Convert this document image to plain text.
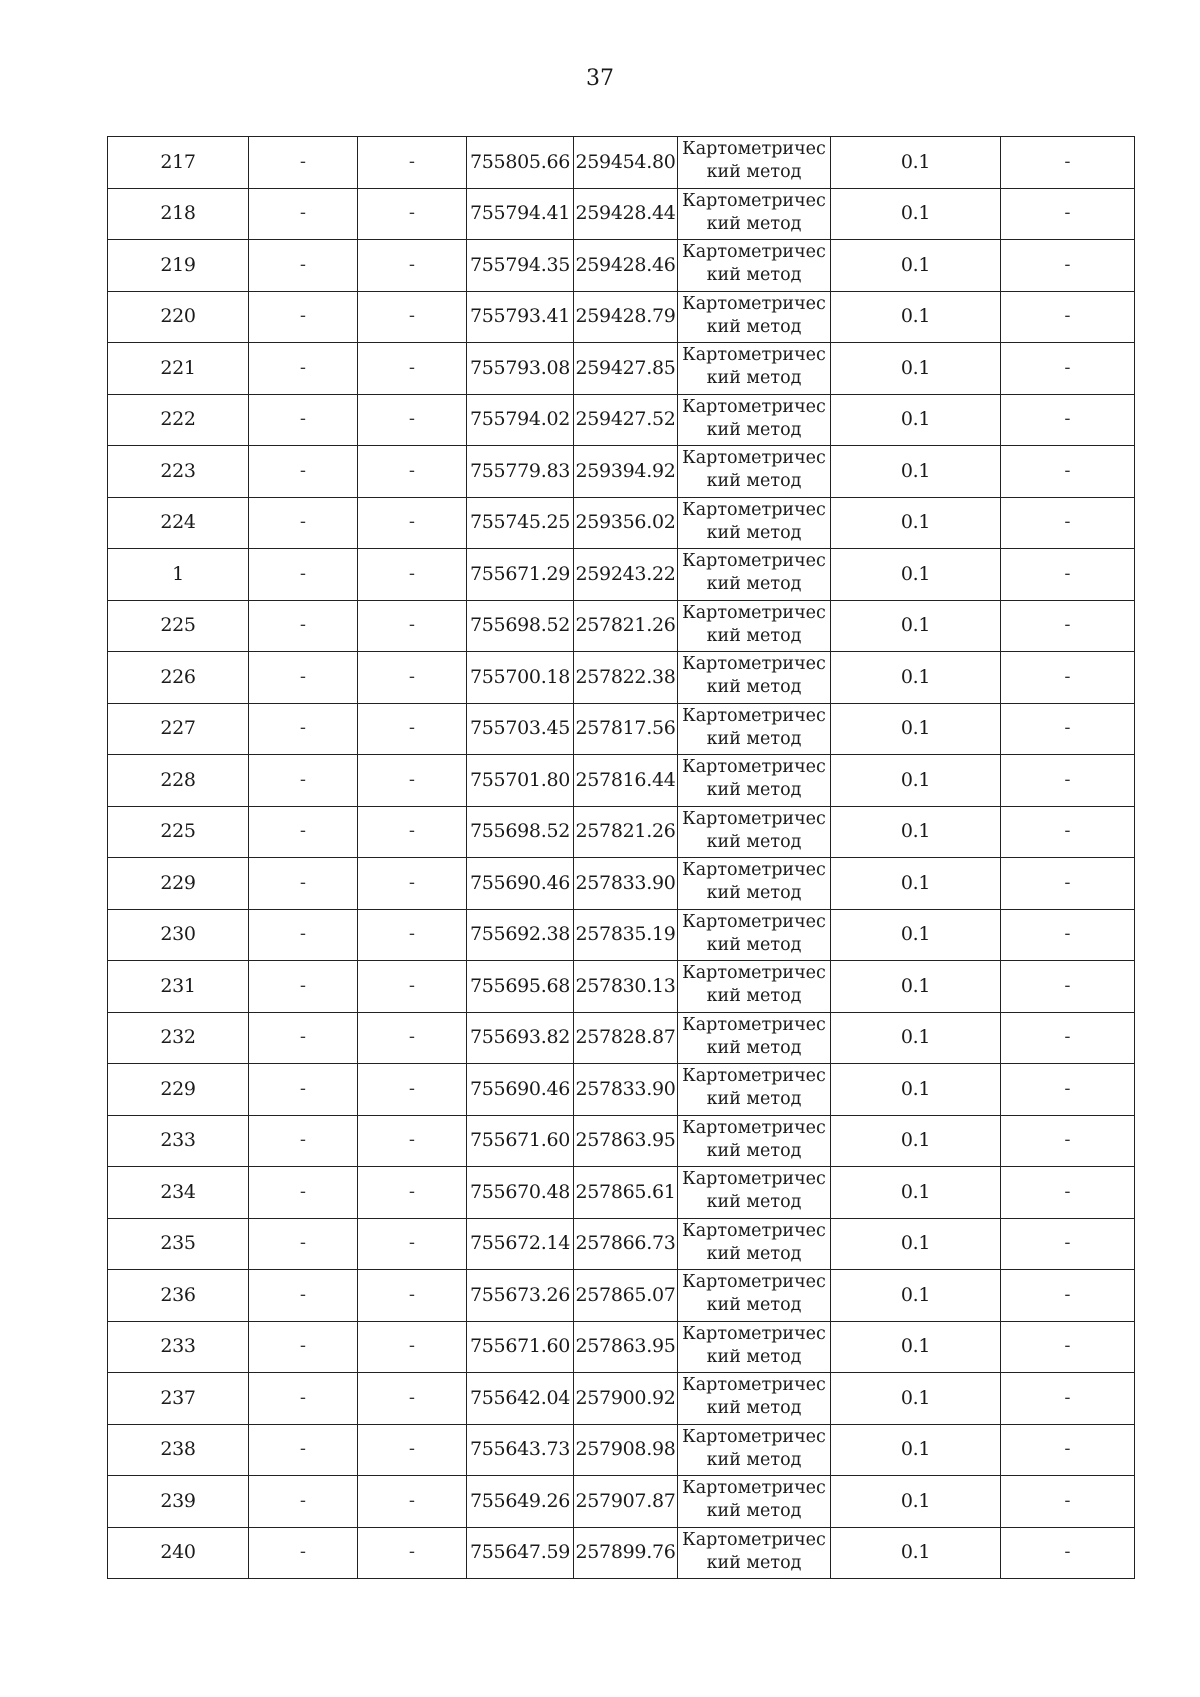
37
217	-	-	755805.66	259454.80	Картометричес
кий метод	0.1	-
218	-	-	755794.41	259428.44	Картометричес
кий метод	0.1	-
219	-	-	755794.35	259428.46	Картометричес
кий метод	0.1	-
220	-	-	755793.41	259428.79	Картометричес
кий метод	0.1	-
221	-	-	755793.08	259427.85	Картометричес
кий метод	0.1	-
222	-	-	755794.02	259427.52	Картометричес
кий метод	0.1	-
223	-	-	755779.83	259394.92	Картометричес
кий метод	0.1	-
224	-	-	755745.25	259356.02	Картометричес
кий метод	0.1	-
1	-	-	755671.29	259243.22	Картометричес
кий метод	0.1	-
225	-	-	755698.52	257821.26	Картометричес
кий метод	0.1	-
226	-	-	755700.18	257822.38	Картометричес
кий метод	0.1	-
227	-	-	755703.45	257817.56	Картометричес
кий метод	0.1	-
228	-	-	755701.80	257816.44	Картометричес
кий метод	0.1	-
225	-	-	755698.52	257821.26	Картометричес
кий метод	0.1	-
229	-	-	755690.46	257833.90	Картометричес
кий метод	0.1	-
230	-	-	755692.38	257835.19	Картометричес
кий метод	0.1	-
231	-	-	755695.68	257830.13	Картометричес
кий метод	0.1	-
232	-	-	755693.82	257828.87	Картометричес
кий метод	0.1	-
229	-	-	755690.46	257833.90	Картометричес
кий метод	0.1	-
233	-	-	755671.60	257863.95	Картометричес
кий метод	0.1	-
234	-	-	755670.48	257865.61	Картометричес
кий метод	0.1	-
235	-	-	755672.14	257866.73	Картометричес
кий метод	0.1	-
236	-	-	755673.26	257865.07	Картометричес
кий метод	0.1	-
233	-	-	755671.60	257863.95	Картометричес
кий метод	0.1	-
237	-	-	755642.04	257900.92	Картометричес
кий метод	0.1	-
238	-	-	755643.73	257908.98	Картометричес
кий метод	0.1	-
239	-	-	755649.26	257907.87	Картометричес
кий метод	0.1	-
240	-	-	755647.59	257899.76	Картометричес
кий метод	0.1	-
